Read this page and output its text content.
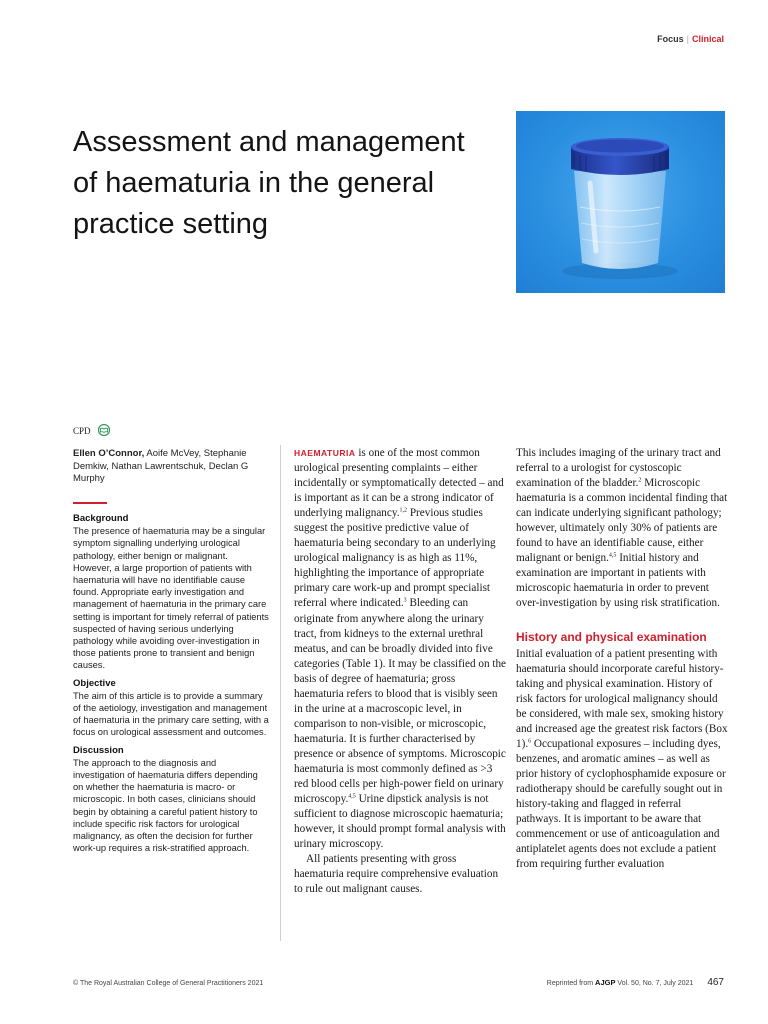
Focus | Clinical
Assessment and management of haematuria in the general practice setting
CPD
Ellen O’Connor, Aoife McVey, Stephanie Demkiw, Nathan Lawrentschuk, Declan G Murphy
Background

The presence of haematuria may be a singular symptom signalling underlying urological pathology, either benign or malignant. However, a large proportion of patients with haematuria will have no identifiable cause found. Appropriate early investigation and management of haematuria in the primary care setting is important for timely referral of patients suspected of having serious underlying pathology while avoiding over-investigation in those patients prone to transient and benign causes.

Objective

The aim of this article is to provide a summary of the aetiology, investigation and management of haematuria in the primary care setting, with a focus on urological assessment and outcomes.

Discussion

The approach to the diagnosis and investigation of haematuria differs depending on whether the haematuria is macro- or microscopic. In both cases, clinicians should begin by obtaining a careful patient history to include specific risk factors for urological malignancy, as often the decision for further work-up requires a risk-stratified approach.

HAEMATURIA is one of the most common urological presenting complaints – either incidentally or symptomatically detected – and is important as it can be a strong indicator of underlying malignancy.$^{1,2}$ Previous studies suggest the positive predictive value of haematuria being secondary to an underlying urological malignancy is as high as 11%, highlighting the importance of appropriate primary care work-up and prompt specialist referral where indicated.$^3$ Bleeding can originate from anywhere along the urinary tract, from kidneys to the external urethral meatus, and can be broadly divided into five categories (Table 1). It may be classified on the basis of degree of haematuria; gross haematuria refers to blood that is visibly seen in the urine at a macroscopic level, in comparison to non-visible, or microscopic, haematuria. It is further characterised by presence or absence of symptoms. Microscopic haematuria is most commonly defined as >3 red blood cells per high-power field on urinary microscopy.$^{4,5}$ Urine dipstick analysis is not sufficient to diagnose microscopic haematuria; however, it should prompt formal analysis with urinary microscopy.

All patients presenting with gross haematuria require comprehensive evaluation to rule out malignant causes.

This includes imaging of the urinary tract and referral to a urologist for cystoscopic examination of the bladder.$^2$ Microscopic haematuria is a common incidental finding that can indicate underlying significant pathology; however, ultimately only 30% of patients are found to have an identifiable cause, either malignant or benign.$^{4,5}$ Initial history and examination are important in patients with microscopic haematuria in order to prevent over-investigation by using risk stratification.

History and physical examination

Initial evaluation of a patient presenting with haematuria should incorporate careful history-taking and physical examination. History of risk factors for urological malignancy should be considered, with male sex, smoking history and increased age the greatest risk factors (Box 1).$^6$ Occupational exposures – including dyes, benzenes, and aromatic amines – as well as prior history of cyclophosphamide exposure or radiotherapy should be carefully sought out in history-taking and flagged in referral pathways. It is important to be aware that commencement or use of anticoagulation and antiplatelet agents does not exclude a patient from requiring further evaluation

© The Royal Australian College of General Practitioners 2021	Reprinted from AJGP Vol. 50, No. 7, July 2021 467
